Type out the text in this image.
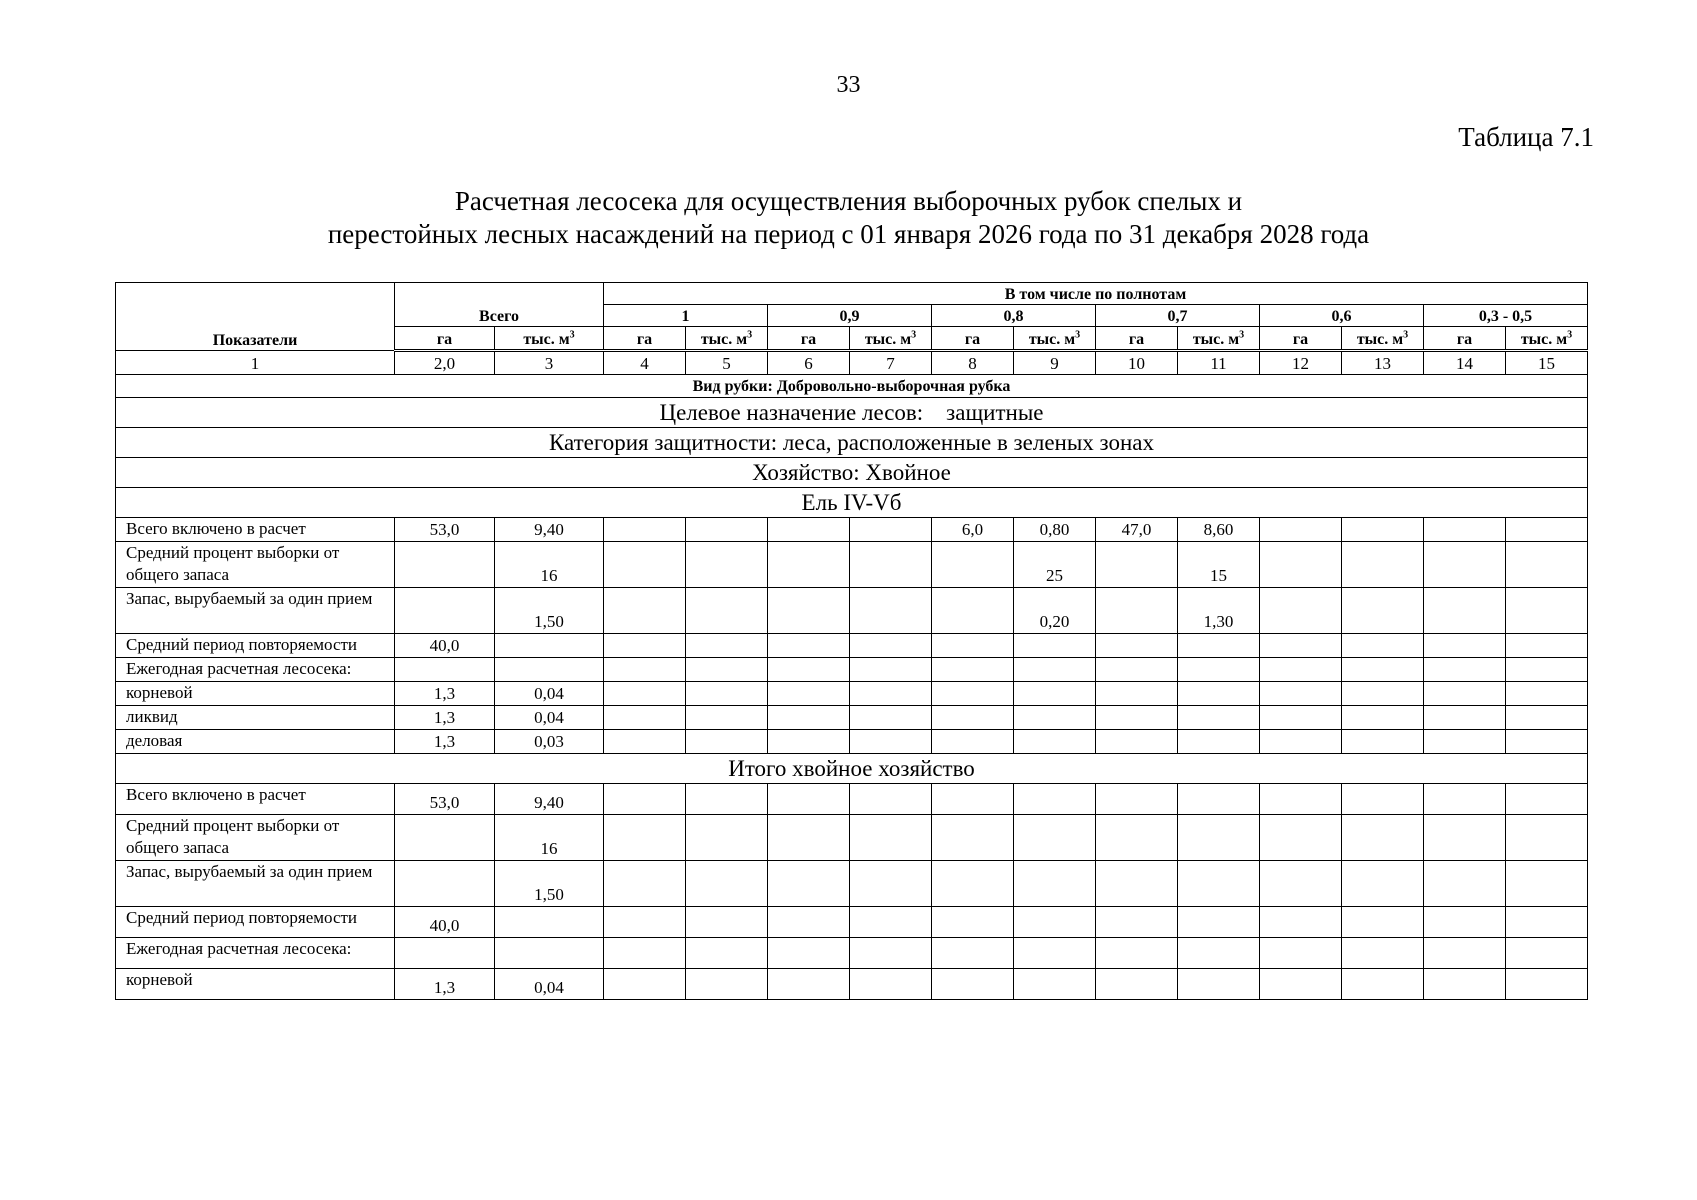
33
Таблица 7.1
Расчетная лесосека для осуществления выборочных рубок спелых и
перестойных лесных насаждений на период с 01 января 2026 года по 31 декабря 2028 года
Показатели	Всего		В том числе по полнотам											
			1		0,9		0,8		0,7		0,6		0,3 - 0,5	
	га	тыс. $м^3$	га	тыс. $м^3$	га	тыс. $м^3$	га	тыс. $м^3$	га	тыс. $м^3$	га	тыс. $м^3$	га	тыс. $м^3$
1	2,0	3	4	5	6	7	8	9	10	11	12	13	14	15
Вид рубки: Добровольно-выборочная рубка														
Целевое назначение лесов:    защитные														
Категория защитности: леса, расположенные в зеленых зонах														
Хозяйство: Хвойное														
Ель IV-Vб														
Всего включено в расчет	53,0	9,40					6,0	0,80	47,0	8,60				
Средний процент выборки от общего запаса		16						25		15				
Запас, вырубаемый за один прием		1,50						0,20		1,30				
Средний период повторяемости	40,0													
Ежегодная расчетная лесосека:														
корневой	1,3	0,04												
ликвид	1,3	0,04												
деловая	1,3	0,03												
Итого хвойное хозяйство														
Всего включено в расчет	53,0	9,40												
Средний процент выборки от общего запаса		16												
Запас, вырубаемый за один прием		1,50												
Средний период повторяемости	40,0													
Ежегодная расчетная лесосека:														
корневой	1,3	0,04												
